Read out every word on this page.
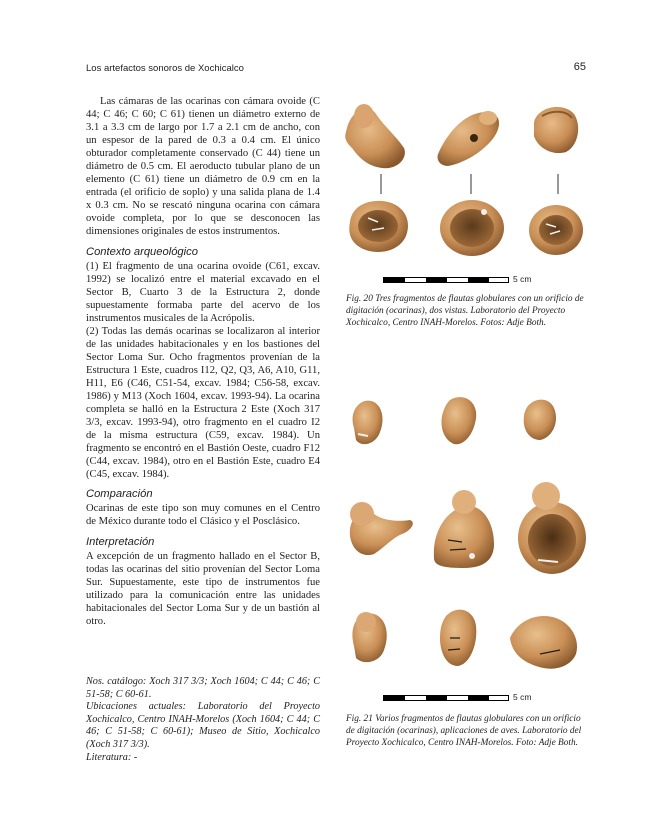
Los artefactos sonoros de Xochicalco	65

Las cámaras de las ocarinas con cámara ovoide (C 44; C 46; C 60; C 61) tienen un diámetro externo de 3.1 a 3.3 cm de largo por 1.7 a 2.1 cm de ancho, con un espesor de la pared de 0.3 a 0.4 cm. El único obturador completamente conservado (C 44) tiene un diámetro de 0.5 cm. El aeroducto tubular plano de un elemento (C 61) tiene un diámetro de 0.9 cm en la entrada (el orificio de soplo) y una salida plana de 1.4 x 0.3 cm. No se rescató ninguna ocarina con cámara ovoide completa, por lo que se desconocen las dimensiones originales de estos instrumentos.

Contexto arqueológico

(1) El fragmento de una ocarina ovoide (C61, excav. 1992) se localizó entre el material excavado en el Sector B, Cuarto 3 de la Estructura 2, donde supuestamente formaba parte del acervo de los instrumentos musicales de la Acrópolis.

(2) Todas las demás ocarinas se localizaron al interior de las unidades habitacionales y en los bastiones del Sector Loma Sur. Ocho fragmentos provenían de la Estructura 1 Este, cuadros I12, Q2, Q3, A6, A10, G11, H11, E6 (C46, C51-54, excav. 1984; C56-58, excav. 1986) y M13 (Xoch 1604, excav. 1993-94). La ocarina completa se halló en la Estructura 2 Este (Xoch 317 3/3, excav. 1993-94), otro fragmento en el cuadro I2 de la misma estructura (C59, excav. 1984). Un fragmento se encontró en el Bastión Oeste, cuadro F12 (C44, excav. 1984), otro en el Bastión Este, cuadro E4 (C45, excav. 1984).

Comparación

Ocarinas de este tipo son muy comunes en el Centro de México durante todo el Clásico y el Posclásico.

Interpretación

A excepción de un fragmento hallado en el Sector B, todas las ocarinas del sitio provenían del Sector Loma Sur. Supuestamente, este tipo de instrumentos fue utilizado para la comunicación entre las unidades habitacionales del Sector Loma Sur y de un bastión al otro.

Nos. catálogo: Xoch 317 3/3; Xoch 1604; C 44; C 46; C 51-58; C 60-61.

Ubicaciones actuales: Laboratorio del Proyecto Xochicalco, Centro INAH-Morelos (Xoch 1604; C 44; C 46; C 51-58; C 60-61); Museo de Sitio, Xochicalco (Xoch 317 3/3).

Literatura: -

5 cm
Fig. 20 Tres fragmentos de flautas globulares con un orificio de digitación (ocarinas), dos vistas. Laboratorio del Proyecto Xochicalco, Centro INAH-Morelos. Fotos: Adje Both.
5 cm
Fig. 21 Varios fragmentos de flautas globulares con un orificio de digitación (ocarinas), aplicaciones de aves. Laboratorio del Proyecto Xochicalco, Centro INAH-Morelos. Foto: Adje Both.
